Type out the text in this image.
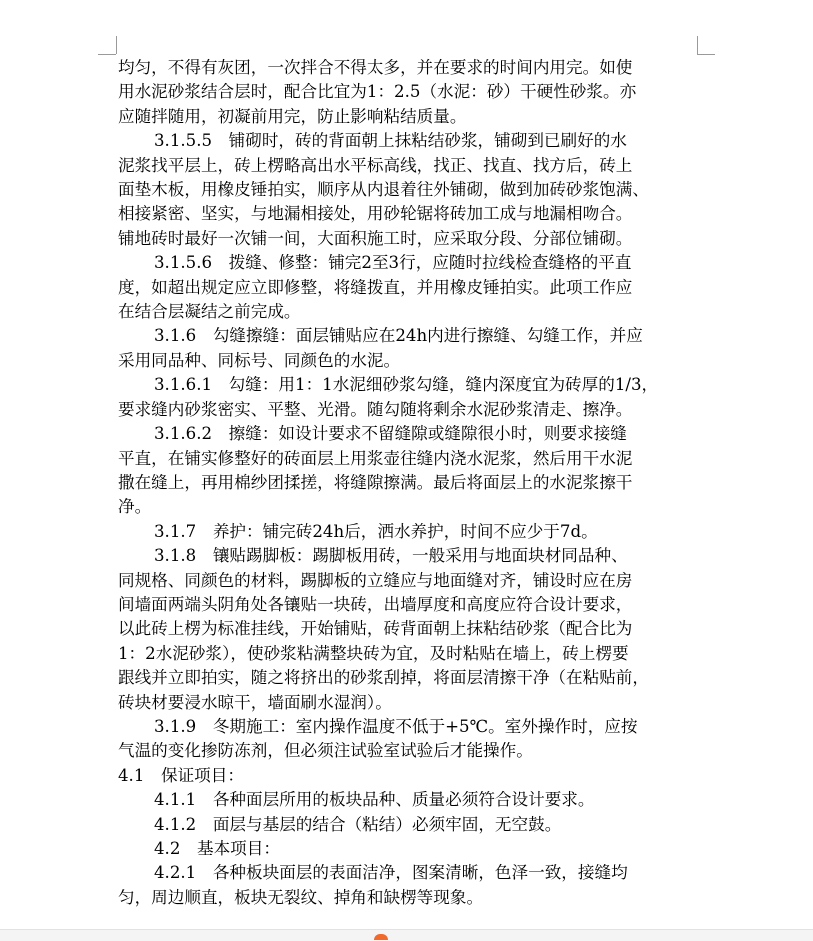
均匀，不得有灰团，一次拌合不得太多，并在要求的时间内用完。如使

用水泥砂浆结合层时，配合比宜为1：2.5（水泥：砂）干硬性砂浆。亦

应随拌随用，初凝前用完，防止影响粘结质量。

3.1.5.5　铺砌时，砖的背面朝上抹粘结砂浆，铺砌到已刷好的水

泥浆找平层上，砖上楞略高出水平标高线，找正、找直、找方后，砖上

面垫木板，用橡皮锤拍实，顺序从内退着往外铺砌，做到加砖砂浆饱满、

相接紧密、坚实，与地漏相接处，用砂轮锯将砖加工成与地漏相吻合。

铺地砖时最好一次铺一间，大面积施工时，应采取分段、分部位铺砌。

3.1.5.6　拨缝、修整：铺完2至3行，应随时拉线检查缝格的平直

度，如超出规定应立即修整，将缝拨直，并用橡皮锤拍实。此项工作应

在结合层凝结之前完成。

3.1.6　勾缝擦缝：面层铺贴应在24h内进行擦缝、勾缝工作，并应

采用同品种、同标号、同颜色的水泥。

3.1.6.1　勾缝：用1：1水泥细砂浆勾缝，缝内深度宜为砖厚的1/3，

要求缝内砂浆密实、平整、光滑。随勾随将剩余水泥砂浆清走、擦净。

3.1.6.2　擦缝：如设计要求不留缝隙或缝隙很小时，则要求接缝

平直，在铺实修整好的砖面层上用浆壶往缝内浇水泥浆，然后用干水泥

撒在缝上，再用棉纱团揉搓，将缝隙擦满。最后将面层上的水泥浆擦干

净。

3.1.7　养护：铺完砖24h后，洒水养护，时间不应少于7d。

3.1.8　镶贴踢脚板：踢脚板用砖，一般采用与地面块材同品种、

同规格、同颜色的材料，踢脚板的立缝应与地面缝对齐，铺设时应在房

间墙面两端头阴角处各镶贴一块砖，出墙厚度和高度应符合设计要求，

以此砖上楞为标准挂线，开始铺贴，砖背面朝上抹粘结砂浆（配合比为

1：2水泥砂浆），使砂浆粘满整块砖为宜，及时粘贴在墙上，砖上楞要

跟线并立即拍实，随之将挤出的砂浆刮掉，将面层清擦干净（在粘贴前，

砖块材要浸水晾干，墙面刷水湿润）。

3.1.9　冬期施工：室内操作温度不低于+5℃。室外操作时，应按

气温的变化掺防冻剂，但必须注试验室试验后才能操作。

4.1　保证项目：

4.1.1　各种面层所用的板块品种、质量必须符合设计要求。

4.1.2　面层与基层的结合（粘结）必须牢固，无空鼓。

4.2　基本项目：

4.2.1　各种板块面层的表面洁净，图案清晰，色泽一致，接缝均

匀，周边顺直，板块无裂纹、掉角和缺楞等现象。
